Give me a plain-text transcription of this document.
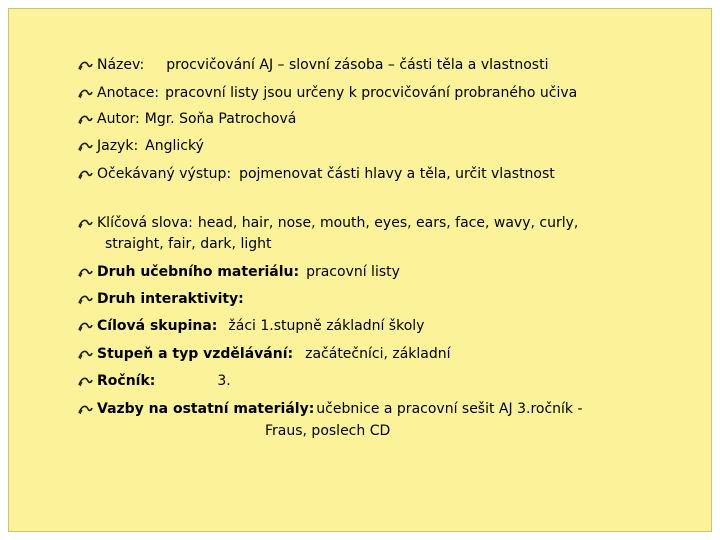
Název: procvičování AJ – slovní zásoba – části těla a vlastnosti
Anotace: pracovní listy jsou určeny k procvičování probraného učiva
Autor: Mgr. Soňa Patrochová
Jazyk: Anglický
Očekávaný výstup: pojmenovat části hlavy a těla, určit vlastnost
Klíčová slova: head, hair, nose, mouth, eyes, ears, face, wavy, curly,
straight, fair, dark, light
Druh učebního materiálu: pracovní listy
Druh interaktivity:
Cílová skupina: žáci 1.stupně základní školy
Stupeň a typ vzdělávání: začátečníci, základní
Ročník:	3.
Vazby na ostatní materiály: učebnice a pracovní sešit AJ 3.ročník -
Fraus, poslech CD
